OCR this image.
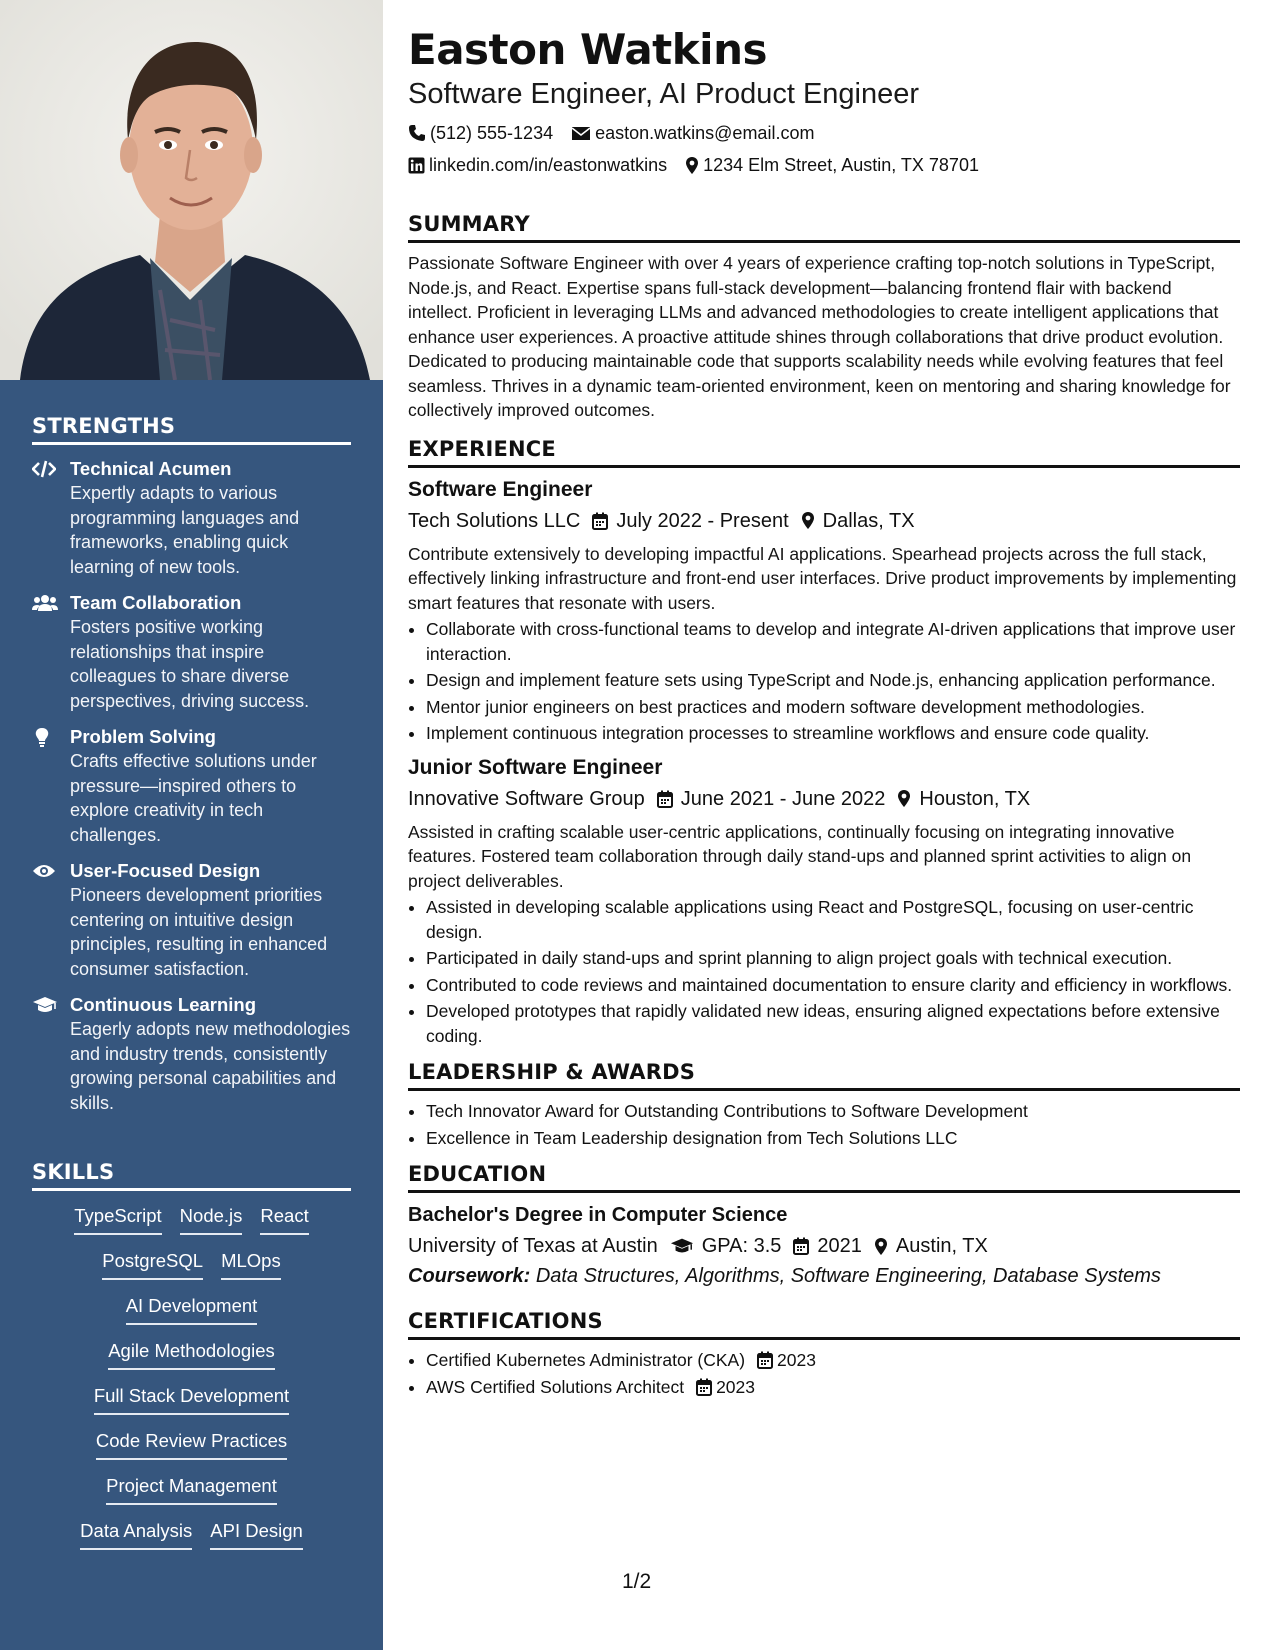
STRENGTHS
Technical Acumen
Expertly adapts to various programming languages and frameworks, enabling quick learning of new tools.
Team Collaboration
Fosters positive working relationships that inspire colleagues to share diverse perspectives, driving success.
Problem Solving
Crafts effective solutions under pressure—inspired others to explore creativity in tech challenges.
User-Focused Design
Pioneers development priorities centering on intuitive design principles, resulting in enhanced consumer satisfaction.
Continuous Learning
Eagerly adopts new methodologies and industry trends, consistently growing personal capabilities and skills.
SKILLS
TypeScript Node.js React
PostgreSQL MLOps
AI Development
Agile Methodologies
Full Stack Development
Code Review Practices
Project Management
Data Analysis API Design
Easton Watkins
Software Engineer, AI Product Engineer
(512) 555-1234 easton.watkins@email.com
linkedin.com/in/eastonwatkins 1234 Elm Street, Austin, TX 78701
SUMMARY
Passionate Software Engineer with over 4 years of experience crafting top-notch solutions in TypeScript, Node.js, and React. Expertise spans full-stack development—balancing frontend flair with backend intellect. Proficient in leveraging LLMs and advanced methodologies to create intelligent applications that enhance user experiences. A proactive attitude shines through collaborations that drive product evolution. Dedicated to producing maintainable code that supports scalability needs while evolving features that feel seamless. Thrives in a dynamic team-oriented environment, keen on mentoring and sharing knowledge for collectively improved outcomes.
EXPERIENCE
Software Engineer
Tech Solutions LLC July 2022 - Present Dallas, TX
Contribute extensively to developing impactful AI applications. Spearhead projects across the full stack, effectively linking infrastructure and front-end user interfaces. Drive product improvements by implementing smart features that resonate with users.
• Collaborate with cross-functional teams to develop and integrate AI-driven applications that improve user interaction.
• Design and implement feature sets using TypeScript and Node.js, enhancing application performance.
• Mentor junior engineers on best practices and modern software development methodologies.
• Implement continuous integration processes to streamline workflows and ensure code quality.
Junior Software Engineer
Innovative Software Group June 2021 - June 2022 Houston, TX
Assisted in crafting scalable user-centric applications, continually focusing on integrating innovative features. Fostered team collaboration through daily stand-ups and planned sprint activities to align on project deliverables.
• Assisted in developing scalable applications using React and PostgreSQL, focusing on user-centric design.
• Participated in daily stand-ups and sprint planning to align project goals with technical execution.
• Contributed to code reviews and maintained documentation to ensure clarity and efficiency in workflows.
• Developed prototypes that rapidly validated new ideas, ensuring aligned expectations before extensive coding.
LEADERSHIP & AWARDS
• Tech Innovator Award for Outstanding Contributions to Software Development
• Excellence in Team Leadership designation from Tech Solutions LLC
EDUCATION
Bachelor's Degree in Computer Science
University of Texas at Austin GPA: 3.5 2021 Austin, TX
Coursework: Data Structures, Algorithms, Software Engineering, Database Systems
CERTIFICATIONS
• Certified Kubernetes Administrator (CKA) 2023
• AWS Certified Solutions Architect 2023
1/2
